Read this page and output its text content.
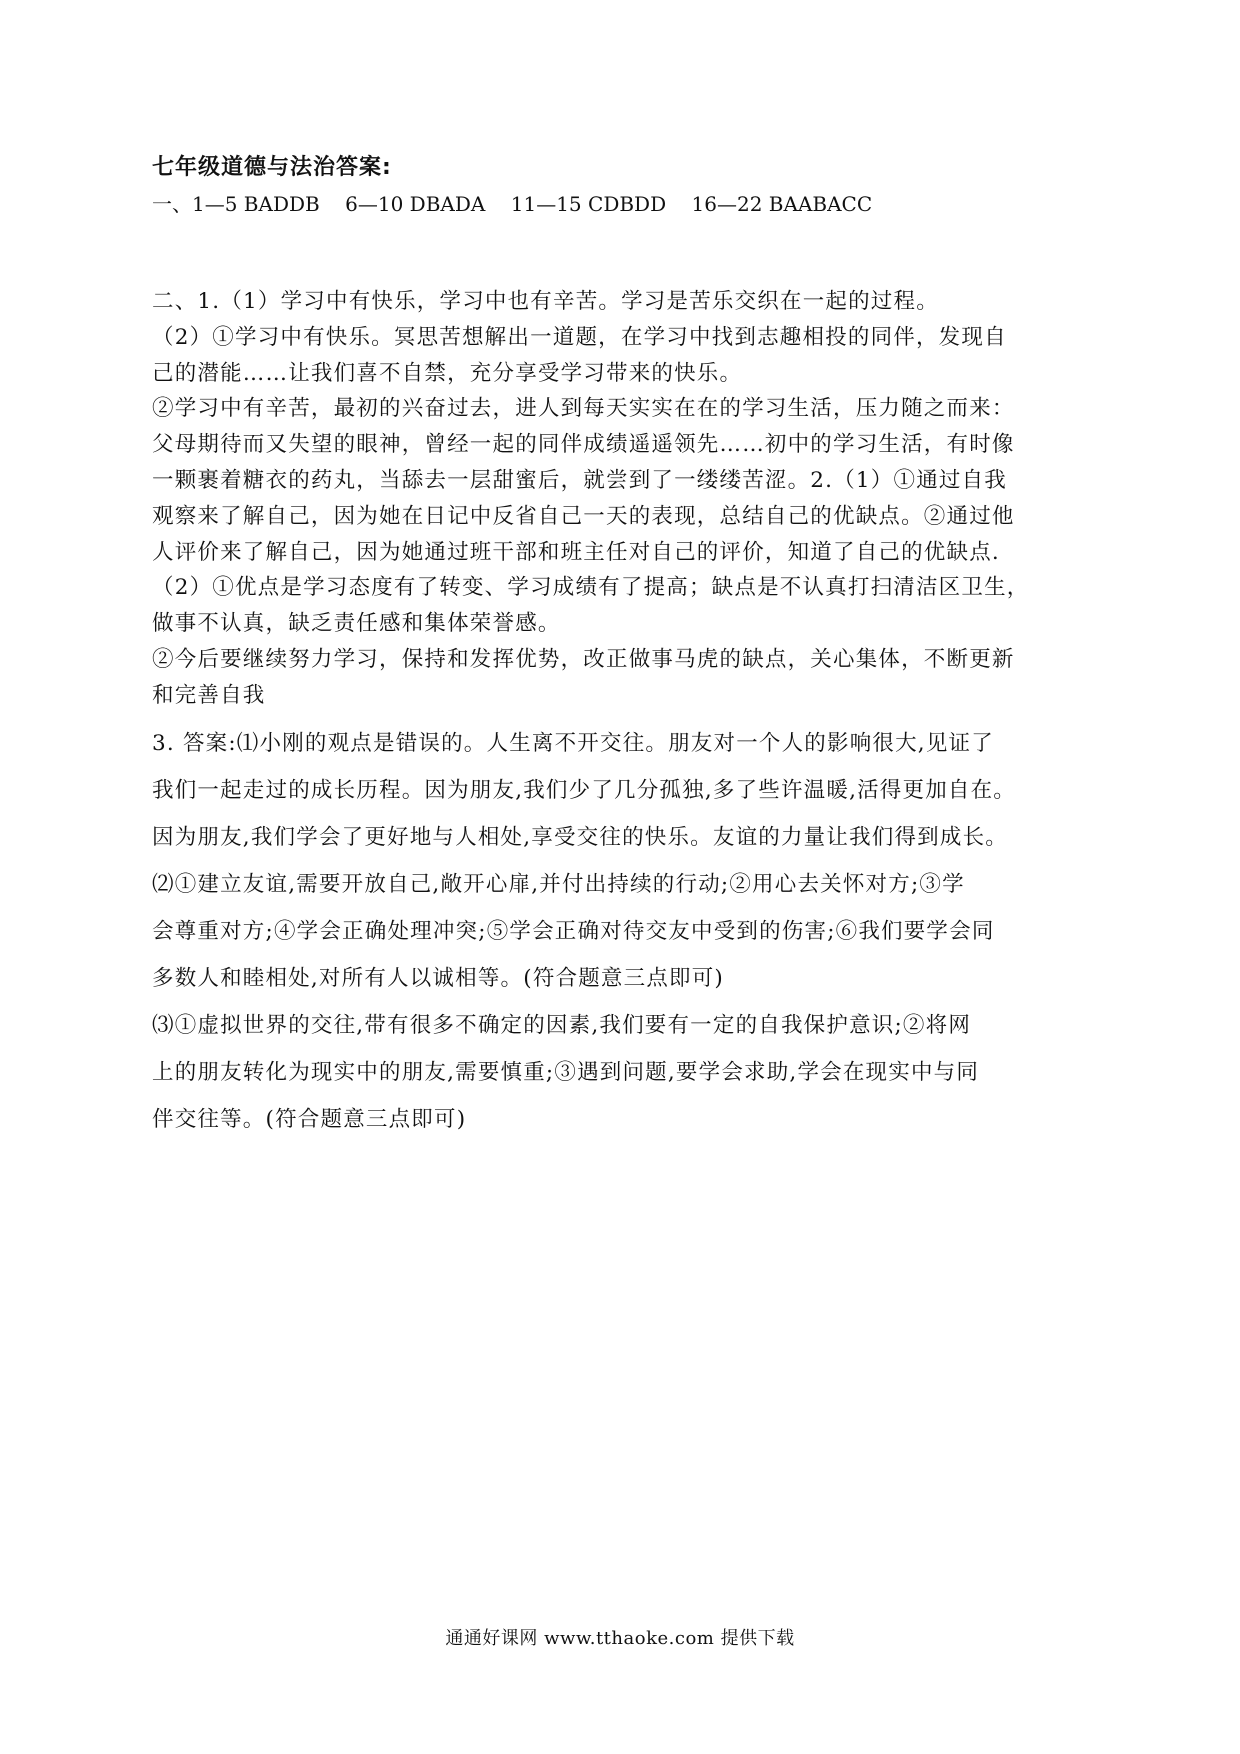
七年级道德与法治答案:

一、1—5 BADDB    6—10 DBADA    11—15 CDBDD    16—22 BAABACC

二、1.（1）学习中有快乐，学习中也有辛苦。学习是苦乐交织在一起的过程。

（2）①学习中有快乐。冥思苦想解出一道题，在学习中找到志趣相投的同伴，发现自

己的潜能……让我们喜不自禁，充分享受学习带来的快乐。

②学习中有辛苦，最初的兴奋过去，进人到每天实实在在的学习生活，压力随之而来：

父母期待而又失望的眼神，曾经一起的同伴成绩遥遥领先……初中的学习生活，有时像

一颗裹着糖衣的药丸，当舔去一层甜蜜后，就尝到了一缕缕苦涩。2.（1）①通过自我

观察来了解自己，因为她在日记中反省自己一天的表现，总结自己的优缺点。②通过他

人评价来了解自己，因为她通过班干部和班主任对自己的评价，知道了自己的优缺点.

（2）①优点是学习态度有了转变、学习成绩有了提高；缺点是不认真打扫清洁区卫生，

做事不认真，缺乏责任感和集体荣誉感。

②今后要继续努力学习，保持和发挥优势，改正做事马虎的缺点，关心集体，不断更新

和完善自我

3. 答案:⑴小刚的观点是错误的。人生离不开交往。朋友对一个人的影响很大,见证了

我们一起走过的成长历程。因为朋友,我们少了几分孤独,多了些许温暖,活得更加自在。

因为朋友,我们学会了更好地与人相处,享受交往的快乐。友谊的力量让我们得到成长。

⑵①建立友谊,需要开放自己,敞开心扉,并付出持续的行动;②用心去关怀对方;③学

会尊重对方;④学会正确处理冲突;⑤学会正确对待交友中受到的伤害;⑥我们要学会同

多数人和睦相处,对所有人以诚相等。(符合题意三点即可)

⑶①虚拟世界的交往,带有很多不确定的因素,我们要有一定的自我保护意识;②将网

上的朋友转化为现实中的朋友,需要慎重;③遇到问题,要学会求助,学会在现实中与同

伴交往等。(符合题意三点即可)

通通好课网 www.tthaoke.com 提供下载
